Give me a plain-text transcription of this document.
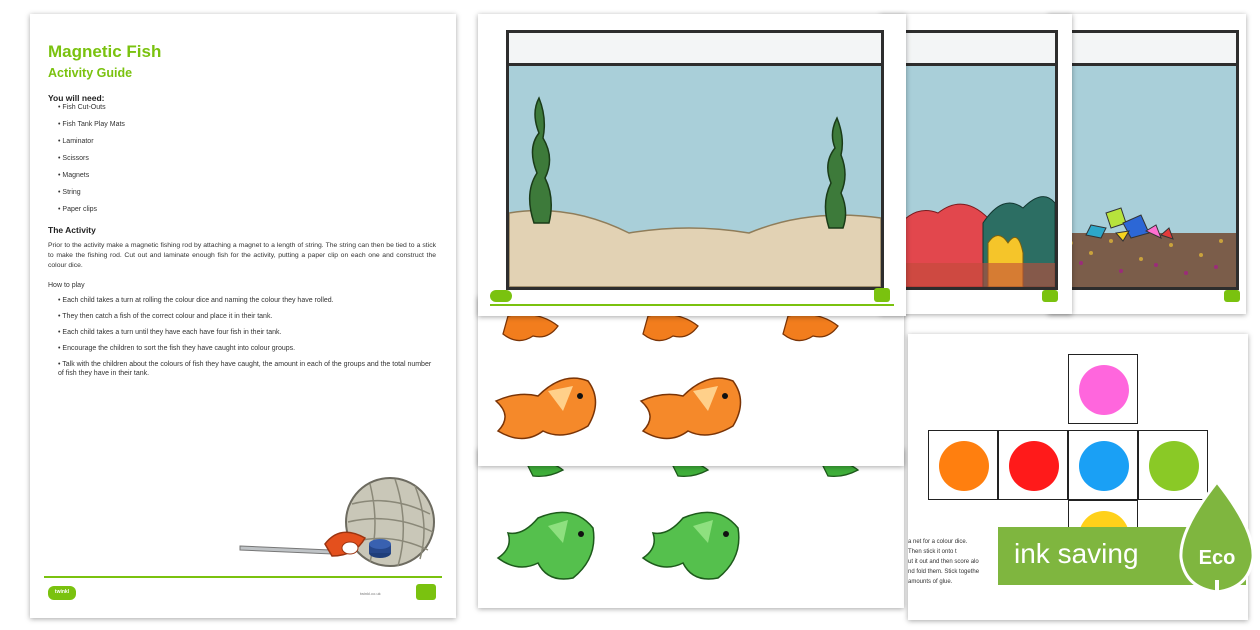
Magnetic Fish
Activity Guide
You will need:
• Fish Cut-Outs
• Fish Tank Play Mats
• Laminator
• Scissors
• Magnets
• String
• Paper clips
The Activity
Prior to the activity make a magnetic fishing rod by attaching a magnet to a length of string. The string can then be tied to a stick to make the fishing rod. Cut out and laminate enough fish for the activity, putting a paper clip on each one and construct the colour dice.
How to play
• Each child takes a turn at rolling the colour dice and naming the colour they have rolled.
• They then catch a fish of the correct colour and place it in their tank.
• Each child takes a turn until they have each have four fish in their tank.
• Encourage the children to sort the fish they have caught into colour groups.
• Talk with the children about the colours of fish they have caught, the amount in each of the groups and the total number of fish they have in their tank.
twinkl	twinkl.co.uk
a net for a colour dice.
Then stick it onto t
ut it out and then score alo
nd fold them. Stick togethe
amounts of glue.
ink saving	Eco
